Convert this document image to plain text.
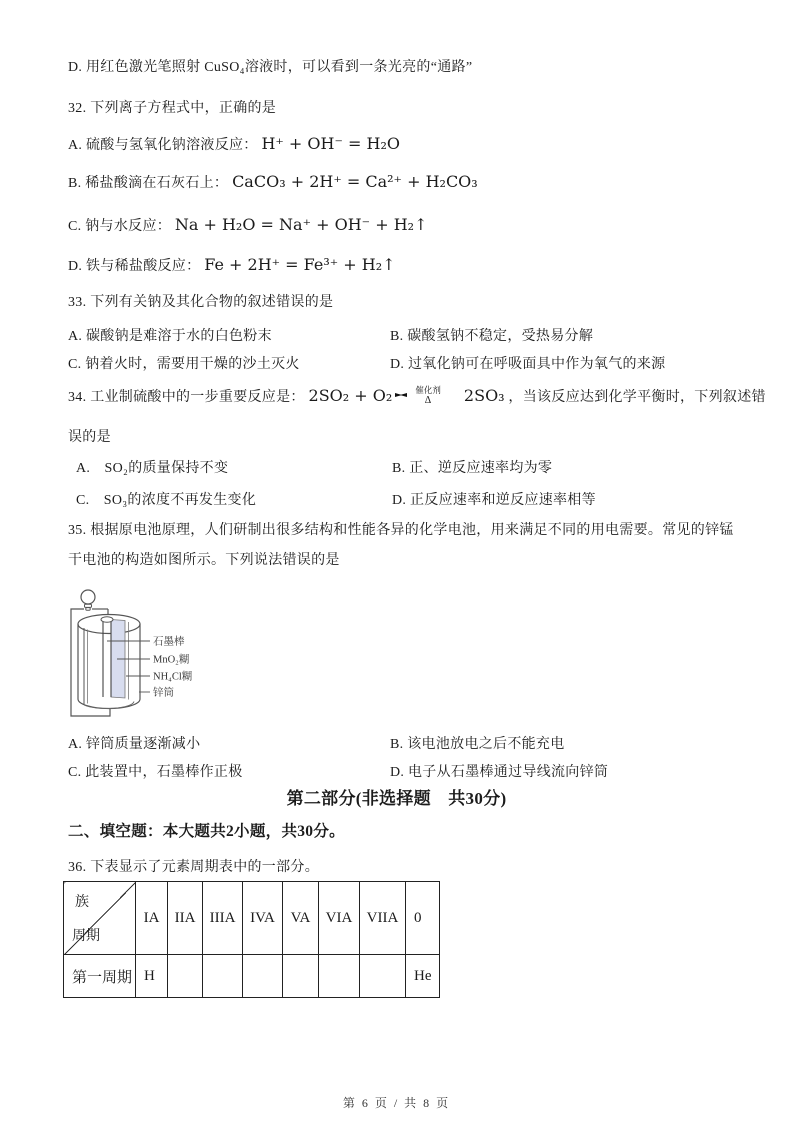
D. 用红色激光笔照射 CuSO₄溶液时，可以看到一条光亮的“通路”
32. 下列离子方程式中，正确的是
A. 硫酸与氢氧化钠溶液反应： H⁺ + OH⁻ = H₂O
B. 稀盐酸滴在石灰石上： CaCO₃ + 2H⁺ = Ca²⁺ + H₂CO₃
C. 钠与水反应： Na + H₂O = Na⁺ + OH⁻ + H₂↑
D. 铁与稀盐酸反应： Fe + 2H⁺ = Fe³⁺ + H₂↑
33. 下列有关钠及其化合物的叙述错误的是
A. 碳酸钠是难溶于水的白色粉末	B. 碳酸氢钠不稳定，受热易分解
C. 钠着火时，需要用干燥的沙土灭火	D. 过氧化钠可在呼吸面具中作为氧气的来源
34. 工业制硫酸中的一步重要反应是： 2SO₂ + O₂	催化剂
Δ 2SO₃ ，当该反应达到化学平衡时，下列叙述错
误的是
A.　SO₂的质量保持不变	B. 正、逆反应速率均为零
C.　SO₃的浓度不再发生变化	D. 正反应速率和逆反应速率相等
35. 根据原电池原理，人们研制出很多结构和性能各异的化学电池，用来满足不同的用电需要。常见的锌锰
干电池的构造如图所示。下列说法错误的是
石墨棒
MnO₂糊
NH₄Cl糊
锌筒
A. 锌筒质量逐渐减小	B. 该电池放电之后不能充电
C. 此装置中，石墨棒作正极	D. 电子从石墨棒通过导线流向锌筒
第二部分(非选择题　共30分)
二、填空题：本大题共2小题，共30分。
36. 下表显示了元素周期表中的一部分。
族
周期	IA	IIA	IIIA	IVA	VA	VIA	VIIA	0
第一周期	H							He
第 6 页 / 共 8 页
